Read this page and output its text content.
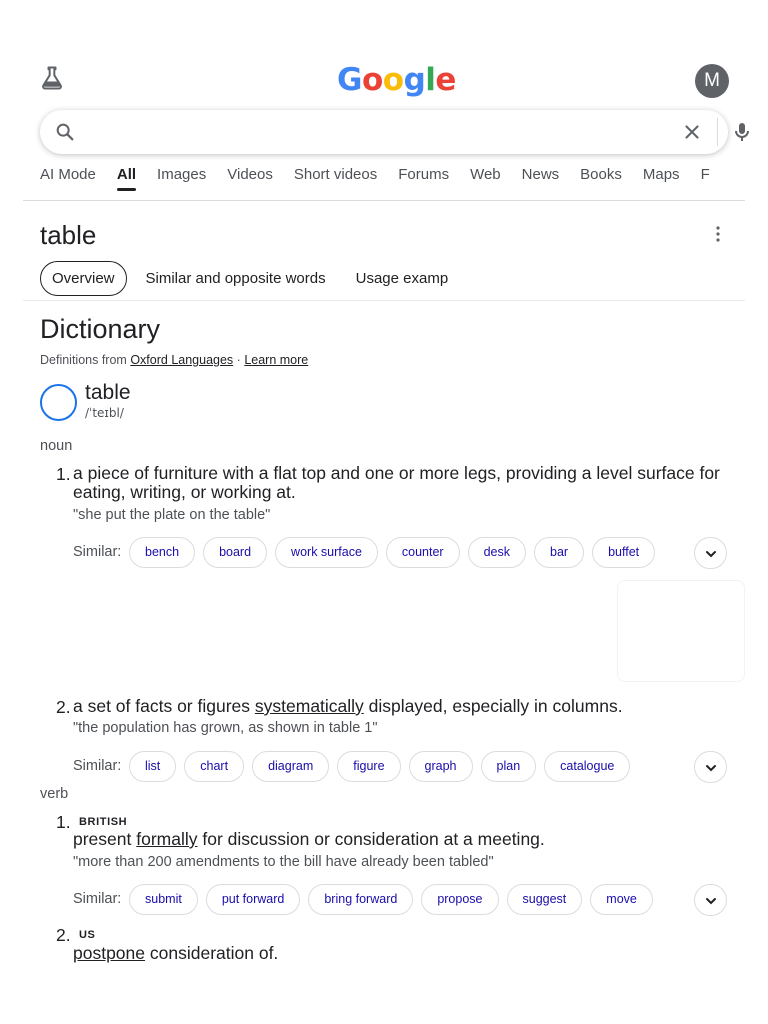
Google	M
AI Mode All Images Videos Short videos Forums Web News Books Maps F
table
Overview Similar and opposite words Usage examp
Dictionary
Definitions from Oxford Languages · Learn more
table
/ˈteɪbl/
noun
1. a piece of furniture with a flat top and one or more legs, providing a level surface for eating, writing, or working at.
"she put the plate on the table"
Similar:	bench	board	work surface	counter	desk	bar	buffet
2. a set of facts or figures systematically displayed, especially in columns.
"the population has grown, as shown in table 1"
Similar:	list	chart	diagram	figure	graph	plan	catalogue
verb
1. BRITISH
present formally for discussion or consideration at a meeting.
"more than 200 amendments to the bill have already been tabled"
Similar:	submit	put forward	bring forward	propose	suggest	move
2. US
postpone consideration of.
